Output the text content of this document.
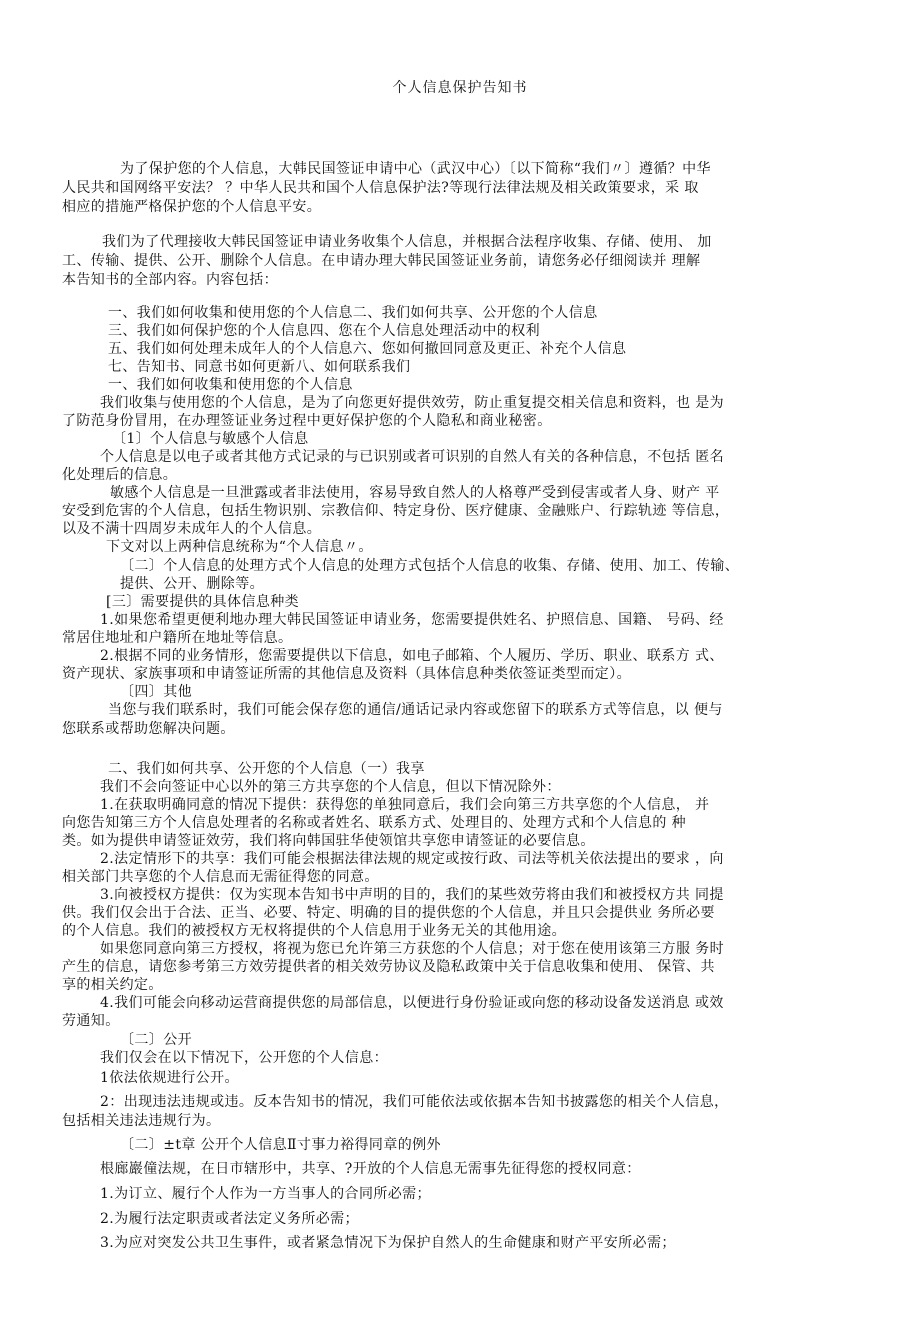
个人信息保护告知书
为了保护您的个人信息，大韩民国签证申请中心（武汉中心）〔以下简称“我们〃〕遵循？中华
人民共和国网络平安法？ ？中华人民共和国个人信息保护法?等现行法律法规及相关政策要求，采 取
相应的措施严格保护您的个人信息平安。
我们为了代理接收大韩民国签证申请业务收集个人信息，并根据合法程序收集、存储、使用、 加
工、传输、提供、公开、删除个人信息。在申请办理大韩民国签证业务前，请您务必仔细阅读并 理解
本告知书的全部内容。内容包括：
一、我们如何收集和使用您的个人信息二、我们如何共享、公开您的个人信息
三、我们如何保护您的个人信息四、您在个人信息处理活动中的权利
五、我们如何处理未成年人的个人信息六、您如何撤回同意及更正、补充个人信息
七、告知书、同意书如何更新八、如何联系我们
一、我们如何收集和使用您的个人信息
我们收集与使用您的个人信息，是为了向您更好提供效劳，防止重复提交相关信息和资料，也 是为
了防范身份冒用，在办理签证业务过程中更好保护您的个人隐私和商业秘密。
〔1〕个人信息与敏感个人信息
个人信息是以电子或者其他方式记录的与已识别或者可识别的自然人有关的各种信息，不包括 匿名
化处理后的信息。
敏感个人信息是一旦泄露或者非法使用，容易导致自然人的人格尊严受到侵害或者人身、财产 平
安受到危害的个人信息，包括生物识别、宗教信仰、特定身份、医疗健康、金融账户、行踪轨迹 等信息，
以及不满十四周岁未成年人的个人信息。
下文对以上两种信息统称为“个人信息〃。
〔二〕个人信息的处理方式个人信息的处理方式包括个人信息的收集、存储、使用、加工、传输、
提供、公开、删除等。
[三〕需要提供的具体信息种类
1.如果您希望更便利地办理大韩民国签证申请业务，您需要提供姓名、护照信息、国籍、 号码、经
常居住地址和户籍所在地址等信息。
2.根据不同的业务情形，您需要提供以下信息，如电子邮箱、个人履历、学历、职业、联系方 式、
资产现状、家族事项和申请签证所需的其他信息及资料（具体信息种类依签证类型而定）。
〔四〕其他
当您与我们联系时，我们可能会保存您的通信/通话记录内容或您留下的联系方式等信息，以 便与
您联系或帮助您解决问题。
二、我们如何共享、公开您的个人信息（一）我享
我们不会向签证中心以外的第三方共享您的个人信息，但以下情况除外：
1.在获取明确同意的情况下提供：获得您的单独同意后，我们会向第三方共享您的个人信息， 并
向您告知第三方个人信息处理者的名称或者姓名、联系方式、处理目的、处理方式和个人信息的 种
类。如为提供申请签证效劳，我们将向韩国驻华使领馆共享您申请签证的必要信息。
2.法定情形下的共享：我们可能会根据法律法规的规定或按行政、司法等机关依法提出的要求 ，向
相关部门共享您的个人信息而无需征得您的同意。
3.向被授权方提供：仅为实现本告知书中声明的目的，我们的某些效劳将由我们和被授权方共 同提
供。我们仅会出于合法、正当、必要、特定、明确的目的提供您的个人信息，并且只会提供业 务所必要
的个人信息。我们的被授权方无权将提供的个人信息用于业务无关的其他用途。
如果您同意向第三方授权，将视为您已允许第三方获您的个人信息；对于您在使用该第三方服 务时
产生的信息，请您参考第三方效劳提供者的相关效劳协议及隐私政策中关于信息收集和使用、 保管、共
享的相关约定。
4.我们可能会向移动运营商提供您的局部信息，以便进行身份验证或向您的移动设备发送消息 或效
劳通知。
〔二〕公开
我们仅会在以下情况下，公开您的个人信息：
1依法依规进行公开。
2：出现违法违规或违。反本告知书的情况，我们可能依法或依据本告知书披露您的相关个人信息，
包括相关违法违规行为。
〔二〕±t章 公开个人信息Ⅱ寸事力裕得同章的例外
根廊巖僮法规，在日市辖形中，共享、?开放的个人信息无需事先征得您的授权同意：
1.为订立、履行个人作为一方当事人的合同所必需；
2.为履行法定职责或者法定义务所必需；
3.为应对突发公共卫生事件，或者紧急情况下为保护自然人的生命健康和财产平安所必需；
